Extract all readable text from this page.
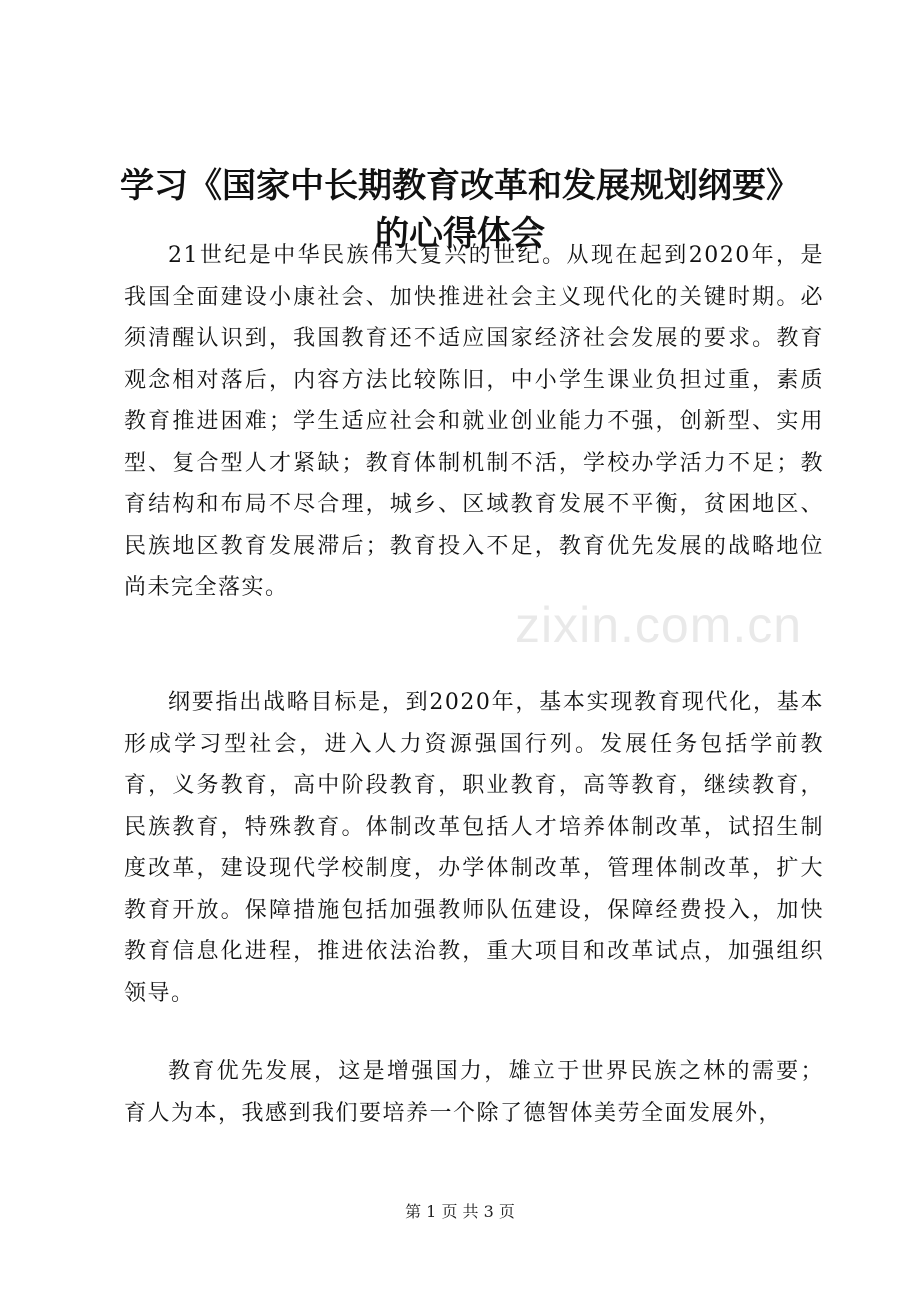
学习《国家中长期教育改革和发展规划纲要》
的心得体会

21世纪是中华民族伟大复兴的世纪。从现在起到2020年，是我国全面建设小康社会、加快推进社会主义现代化的关键时期。必须清醒认识到，我国教育还不适应国家经济社会发展的要求。教育观念相对落后，内容方法比较陈旧，中小学生课业负担过重，素质教育推进困难；学生适应社会和就业创业能力不强，创新型、实用型、复合型人才紧缺；教育体制机制不活，学校办学活力不足；教育结构和布局不尽合理，城乡、区域教育发展不平衡，贫困地区、民族地区教育发展滞后；教育投入不足，教育优先发展的战略地位尚未完全落实。

纲要指出战略目标是，到2020年，基本实现教育现代化，基本形成学习型社会，进入人力资源强国行列。发展任务包括学前教育，义务教育，高中阶段教育，职业教育，高等教育，继续教育，民族教育，特殊教育。体制改革包括人才培养体制改革，试招生制度改革，建设现代学校制度，办学体制改革，管理体制改革，扩大教育开放。保障措施包括加强教师队伍建设，保障经费投入，加快教育信息化进程，推进依法治教，重大项目和改革试点，加强组织领导。

教育优先发展，这是增强国力，雄立于世界民族之林的需要；育人为本，我感到我们要培养一个除了德智体美劳全面发展外，

zixin.com.cn
第 1 页 共 3 页
